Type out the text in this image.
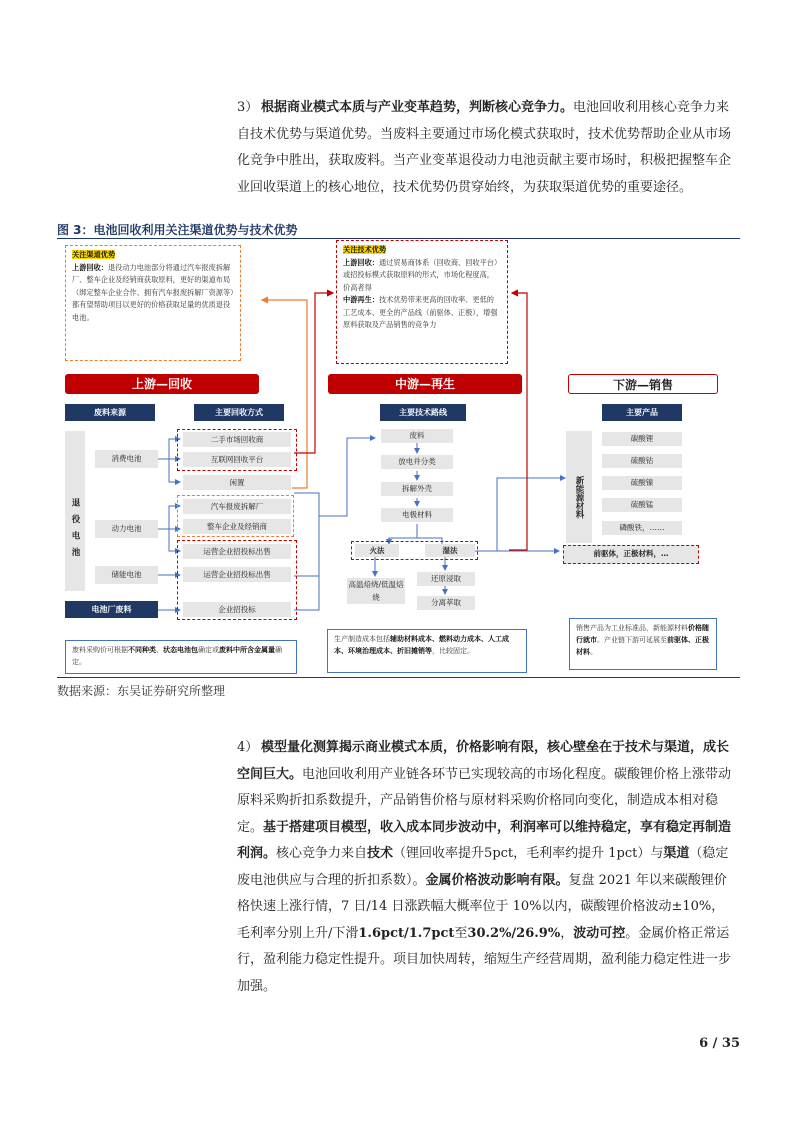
3） 根据商业模式本质与产业变革趋势，判断核心竞争力。电池回收利用核心竞争力来自技术优势与渠道优势。当废料主要通过市场化模式获取时，技术优势帮助企业从市场化竞争中胜出，获取废料。当产业变革退役动力电池贡献主要市场时，积极把握整车企业回收渠道上的核心地位，技术优势仍贯穿始终，为获取渠道优势的重要途径。

图 3：电池回收利用关注渠道优势与技术优势
关注渠道优势
上游回收：退役动力电池部分将通过汽车报废拆解厂、整车企业及经销商获取原料，更好的渠道布局（绑定整车企业合作、拥有汽车报废拆解厂资源等）都有望帮助项目以更好的价格获取足量的优质退役电池。
关注技术优势
上游回收：通过贸易商体系（回收商、回收平台）或招投标模式获取原料的形式，市场化程度高，价高者得
中游再生：技术优势带来更高的回收率、更低的工艺成本、更全的产品线（前驱体、正极），增强原料获取及产品销售的竞争力
上游—回收	中游—再生	下游—销售
废料来源	主要回收方式	主要技术路线	主要产品
退役电池
消费电池
动力电池
储能电池
电池厂废料
二手市场回收商
互联网回收平台
闲置
汽车报废拆解厂
整车企业及经销商
运营企业招投标出售
运营企业招投标出售
企业招投标
废料
放电并分类
拆解外壳
电极材料
火法	湿法
高温焙烧/低温焙烧
还原浸取
分离萃取
新能源材料
碳酸锂
硫酸钴
硫酸镍
硫酸锰
磷酸铁，……
前驱体，正极材料，…
废料采购价可根据不同种类、状态电池包确定或废料中所含金属量确定。
生产制造成本包括辅助材料成本、燃料动力成本、人工成本、环境治理成本、折旧摊销等，比较固定。
销售产品为工业标准品，新能源材料价格随行就市。产业链下游可延展至前驱体、正极材料。
数据来源：东吴证券研究所整理
4） 模型量化测算揭示商业模式本质，价格影响有限，核心壁垒在于技术与渠道，成长空间巨大。电池回收利用产业链各环节已实现较高的市场化程度。碳酸锂价格上涨带动原料采购折扣系数提升，产品销售价格与原材料采购价格同向变化，制造成本相对稳定。基于搭建项目模型，收入成本同步波动中，利润率可以维持稳定，享有稳定再制造利润。核心竞争力来自技术（锂回收率提升5pct，毛利率约提升 1pct）与渠道（稳定废电池供应与合理的折扣系数）。金属价格波动影响有限。复盘 2021 年以来碳酸锂价格快速上涨行情，7 日/14 日涨跌幅大概率位于 10%以内，碳酸锂价格波动±10%，毛利率分别上升/下滑1.6pct/1.7pct至30.2%/26.9%，波动可控。金属价格正常运行，盈利能力稳定性提升。项目加快周转，缩短生产经营周期，盈利能力稳定性进一步加强。

6 / 35
